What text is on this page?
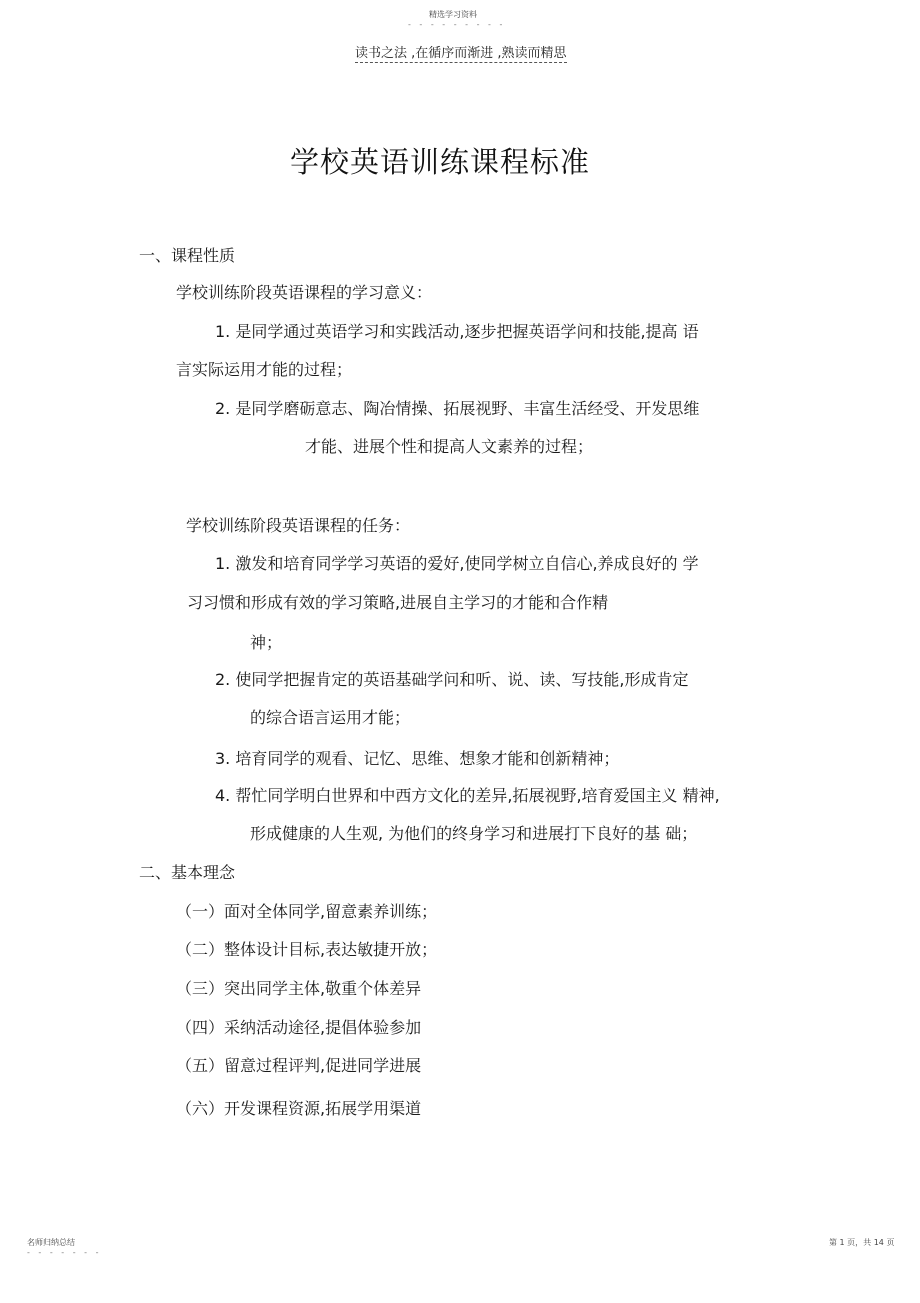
精选学习资料
- - - - - - - - -
读书之法 ,在循序而渐进 ,熟读而精思
学校英语训练课程标准
一、课程性质
学校训练阶段英语课程的学习意义：
1. 是同学通过英语学习和实践活动,逐步把握英语学问和技能,提高 语
言实际运用才能的过程；
2. 是同学磨砺意志、陶冶情操、拓展视野、丰富生活经受、开发思维
才能、进展个性和提高人文素养的过程；
学校训练阶段英语课程的任务：
1. 激发和培育同学学习英语的爱好,使同学树立自信心,养成良好的 学
习习惯和形成有效的学习策略,进展自主学习的才能和合作精
神；
2. 使同学把握肯定的英语基础学问和听、说、读、写技能,形成肯定
的综合语言运用才能；
3. 培育同学的观看、记忆、思维、想象才能和创新精神；
4. 帮忙同学明白世界和中西方文化的差异,拓展视野,培育爱国主义 精神,
形成健康的人生观, 为他们的终身学习和进展打下良好的基 础；
二、基本理念
（一）面对全体同学,留意素养训练；
（二）整体设计目标,表达敏捷开放；
（三）突出同学主体,敬重个体差异
（四）采纳活动途径,提倡体验参加
（五）留意过程评判,促进同学进展
（六）开发课程资源,拓展学用渠道
名师归纳总结
- - - - - - -
第 1 页，共 14 页
